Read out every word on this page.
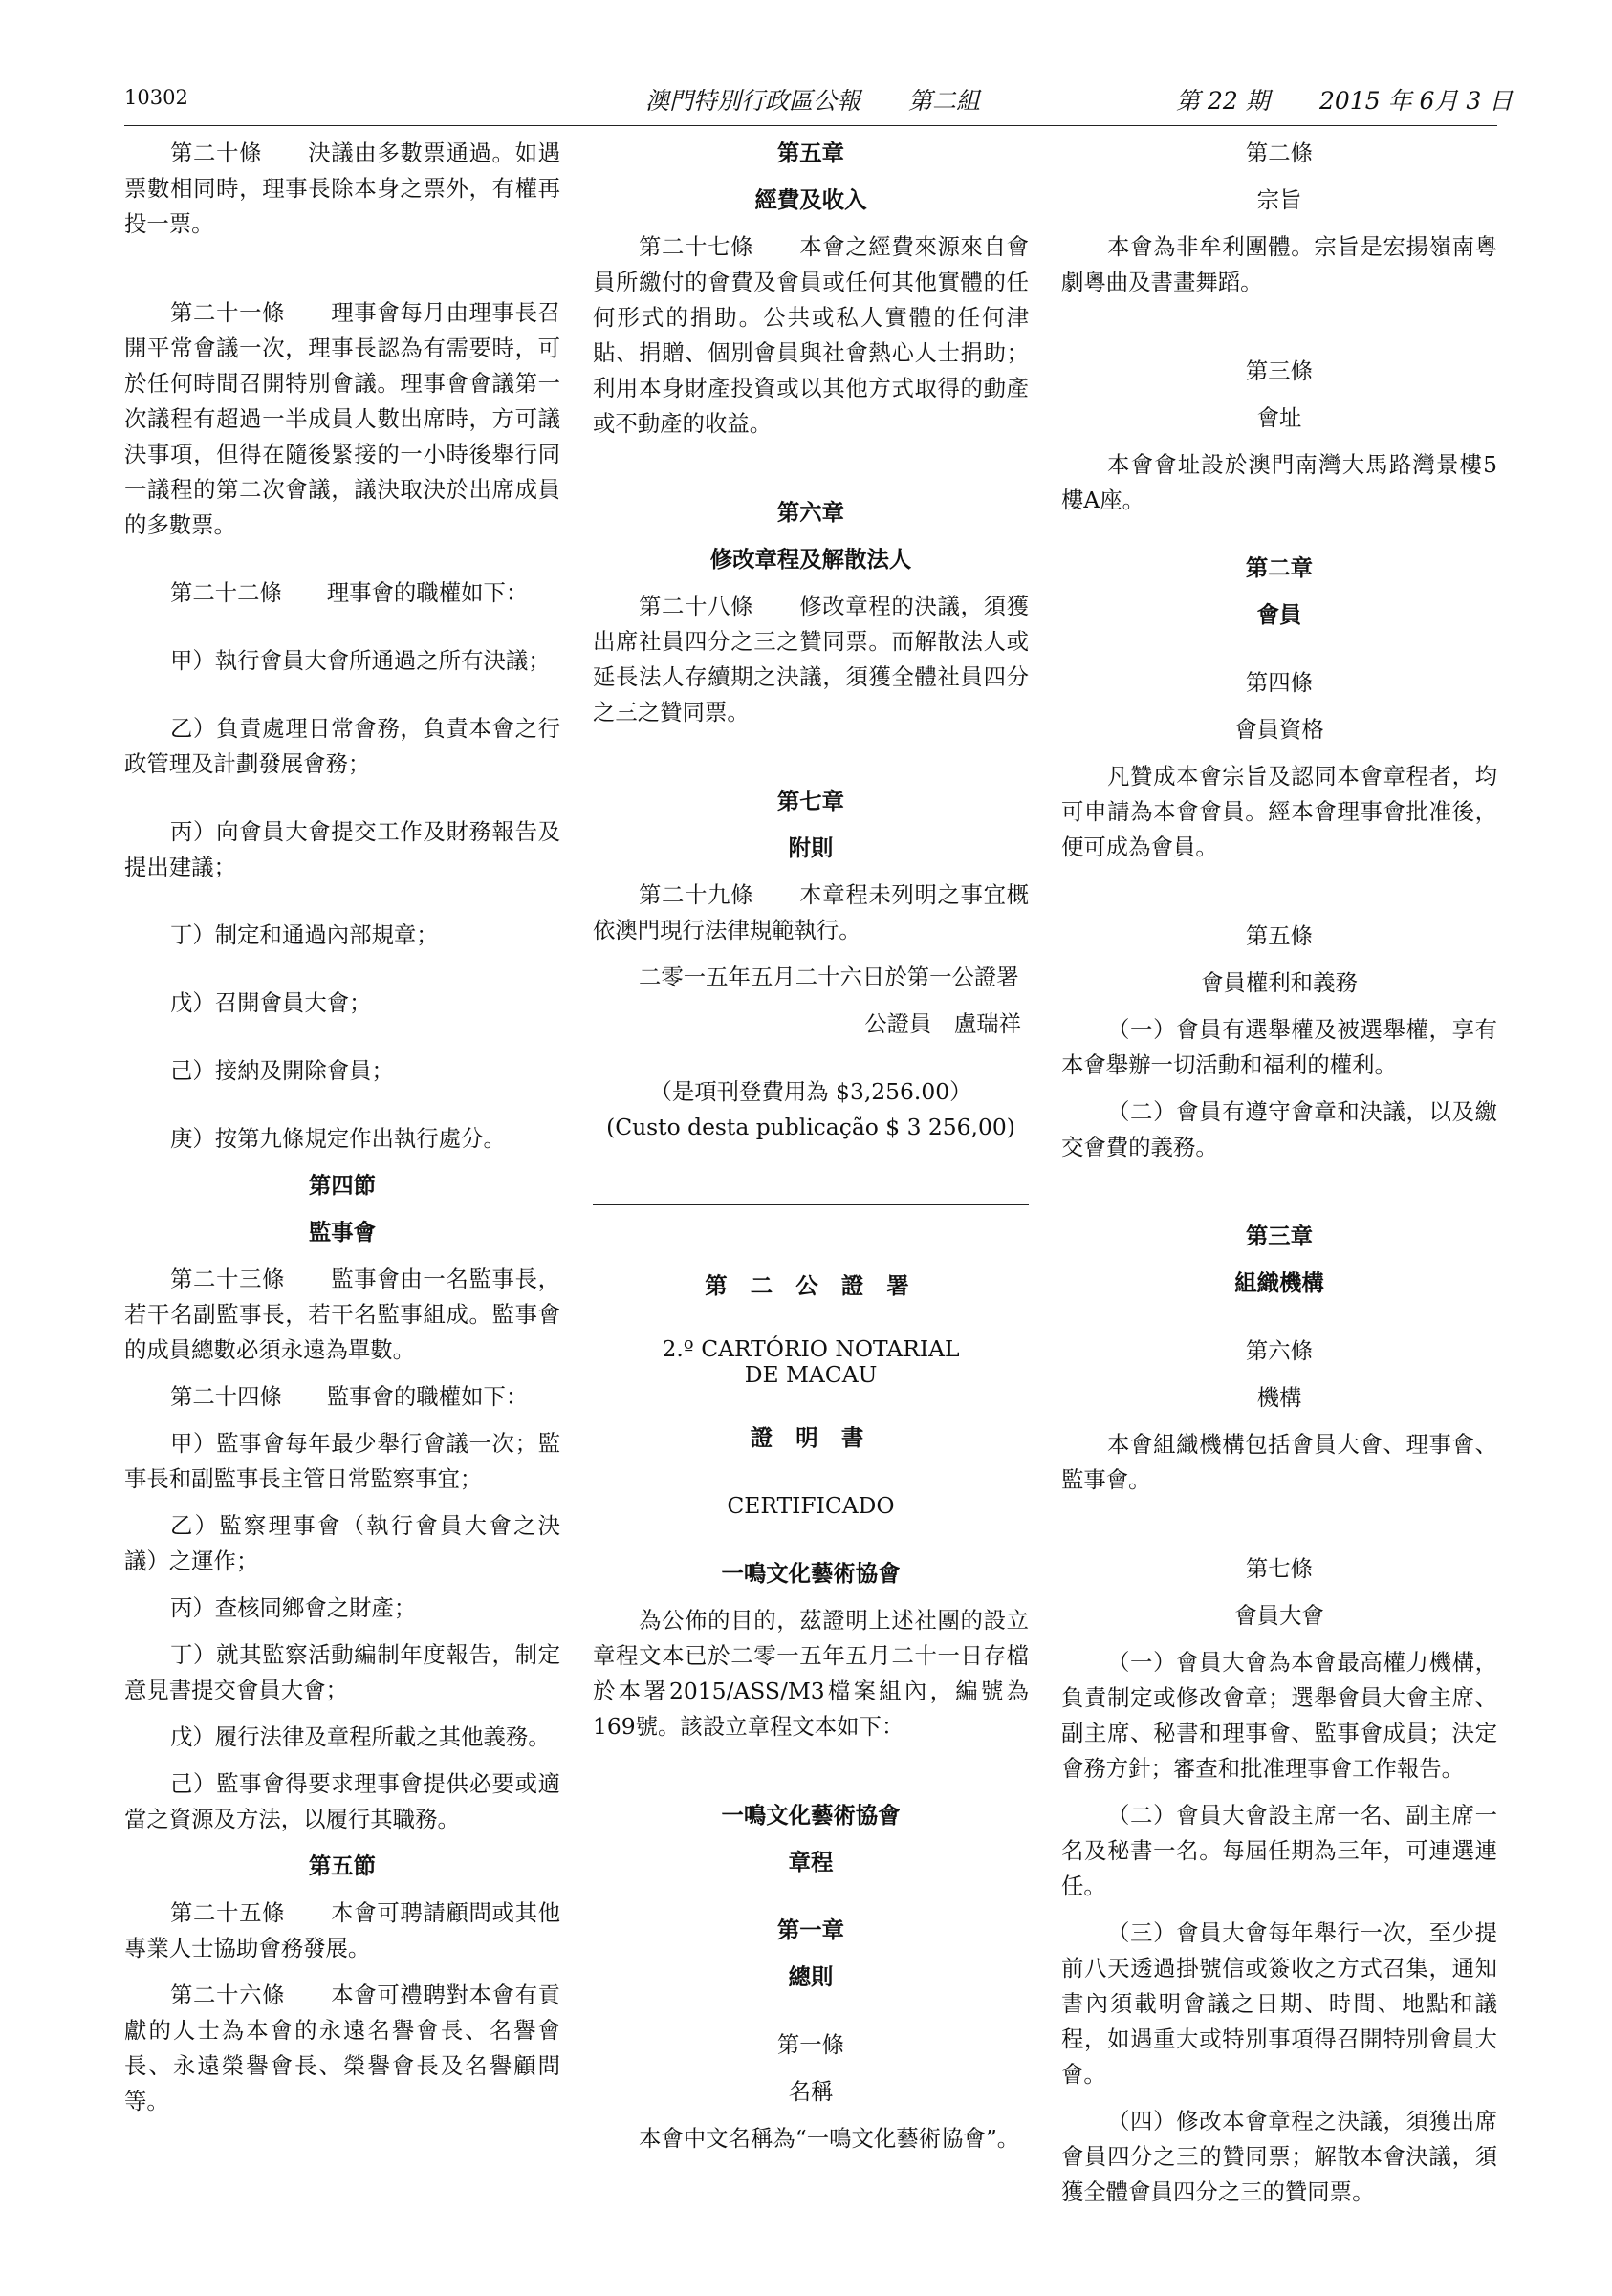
10302	澳門特別行政區公報　　第二組	第 22 期 2015 年 6月 3 日

第二十條　　決議由多數票通過。如遇票數相同時，理事長除本身之票外，有權再投一票。

第二十一條　　理事會每月由理事長召開平常會議一次，理事長認為有需要時，可於任何時間召開特別會議。理事會會議第一次議程有超過一半成員人數出席時，方可議決事項，但得在隨後緊接的一小時後舉行同一議程的第二次會議，議決取決於出席成員的多數票。

第二十二條　　理事會的職權如下：

甲）執行會員大會所通過之所有決議；

乙）負責處理日常會務，負責本會之行政管理及計劃發展會務；

丙）向會員大會提交工作及財務報告及提出建議；

丁）制定和通過內部規章；

戊）召開會員大會；

己）接納及開除會員；

庚）按第九條規定作出執行處分。

第四節

監事會

第二十三條　　監事會由一名監事長，若干名副監事長，若干名監事組成。監事會的成員總數必須永遠為單數。

第二十四條　　監事會的職權如下：

甲）監事會每年最少舉行會議一次；監事長和副監事長主管日常監察事宜；

乙）監察理事會（執行會員大會之決議）之運作；

丙）查核同鄉會之財產；

丁）就其監察活動編制年度報告，制定意見書提交會員大會；

戊）履行法律及章程所載之其他義務。

己）監事會得要求理事會提供必要或適當之資源及方法，以履行其職務。

第五節

第二十五條　　本會可聘請顧問或其他專業人士協助會務發展。

第二十六條　　本會可禮聘對本會有貢獻的人士為本會的永遠名譽會長、名譽會長、永遠榮譽會長、榮譽會長及名譽顧問等。

第五章

經費及收入

第二十七條　　本會之經費來源來自會員所繳付的會費及會員或任何其他實體的任何形式的捐助。公共或私人實體的任何津貼、捐贈、個別會員與社會熱心人士捐助；利用本身財產投資或以其他方式取得的動產或不動產的收益。

第六章

修改章程及解散法人

第二十八條　　修改章程的決議，須獲出席社員四分之三之贊同票。而解散法人或延長法人存續期之決議，須獲全體社員四分之三之贊同票。

第七章

附則

第二十九條　　本章程未列明之事宜概依澳門現行法律規範執行。

二零一五年五月二十六日於第一公證署

公證員　盧瑞祥

（是項刊登費用為 $3,256.00）

(Custo desta publicação $ 3 256,00)

第 二 公 證 署

2.º CARTÓRIO NOTARIAL

DE MACAU

證 明 書

CERTIFICADO

一鳴文化藝術協會

為公佈的目的，茲證明上述社團的設立章程文本已於二零一五年五月二十一日存檔於本署2015/ASS/M3檔案組內，編號為169號。該設立章程文本如下：

一鳴文化藝術協會

章程

第一章

總則

第一條

名稱

本會中文名稱為“一鳴文化藝術協會”。

第二條

宗旨

本會為非牟利團體。宗旨是宏揚嶺南粵劇粵曲及書畫舞蹈。

第三條

會址

本會會址設於澳門南灣大馬路灣景樓5樓A座。

第二章

會員

第四條

會員資格

凡贊成本會宗旨及認同本會章程者，均可申請為本會會員。經本會理事會批准後，便可成為會員。

第五條

會員權利和義務

（一）會員有選舉權及被選舉權，享有本會舉辦一切活動和福利的權利。

（二）會員有遵守會章和決議，以及繳交會費的義務。

第三章

組織機構

第六條

機構

本會組織機構包括會員大會、理事會、監事會。

第七條

會員大會

（一）會員大會為本會最高權力機構，負責制定或修改會章；選舉會員大會主席、副主席、秘書和理事會、監事會成員；決定會務方針；審查和批准理事會工作報告。

（二）會員大會設主席一名、副主席一名及秘書一名。每屆任期為三年，可連選連任。

（三）會員大會每年舉行一次，至少提前八天透過掛號信或簽收之方式召集，通知書內須載明會議之日期、時間、地點和議程，如遇重大或特別事項得召開特別會員大會。

（四）修改本會章程之決議，須獲出席會員四分之三的贊同票；解散本會決議，須獲全體會員四分之三的贊同票。
